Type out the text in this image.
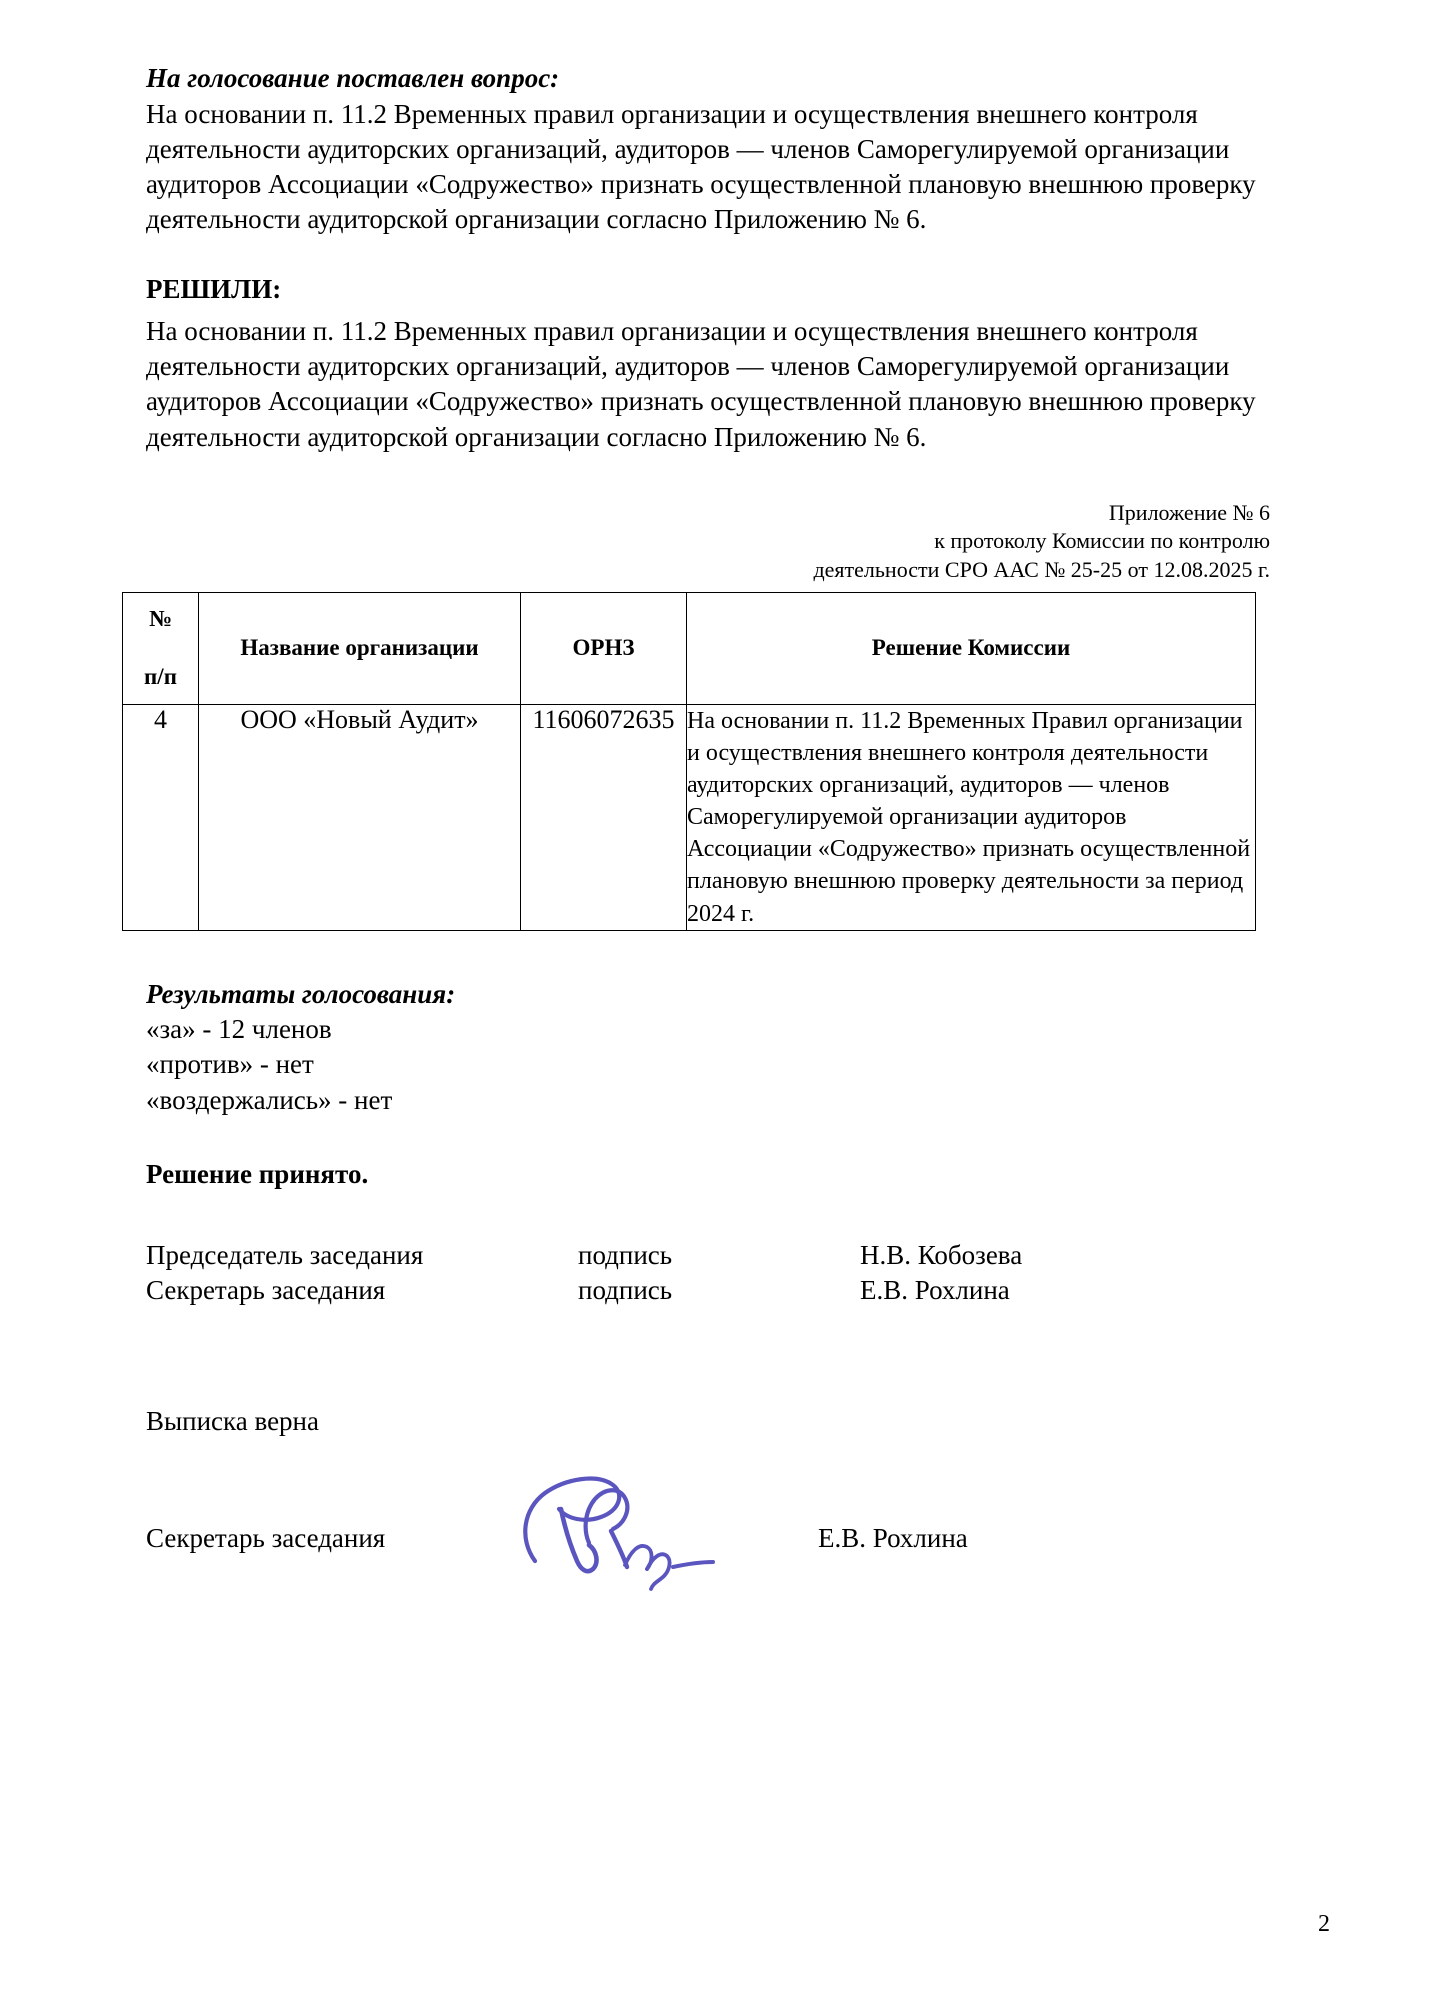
На голосование поставлен вопрос:

На основании п. 11.2 Временных правил организации и осуществления внешнего контроля деятельности аудиторских организаций, аудиторов — членов Саморегулируемой организации аудиторов Ассоциации «Содружество» признать осуществленной плановую внешнюю проверку деятельности аудиторской организации согласно Приложению № 6.

РЕШИЛИ:

На основании п. 11.2 Временных правил организации и осуществления внешнего контроля деятельности аудиторских организаций, аудиторов — членов Саморегулируемой организации аудиторов Ассоциации «Содружество» признать осуществленной плановую внешнюю проверку деятельности аудиторской организации согласно Приложению № 6.

Приложение № 6
к протоколу Комиссии по контролю
деятельности СРО ААС № 25-25 от 12.08.2025 г.
№
п/п	Название организации	ОРНЗ	Решение Комиссии
4	ООО «Новый Аудит»	11606072635	На основании п. 11.2 Временных Правил организации и осуществления внешнего контроля деятельности аудиторских организаций, аудиторов — членов Саморегулируемой организации аудиторов Ассоциации «Содружество» признать осуществленной плановую внешнюю проверку деятельности за период 2024 г.

Результаты голосования:

«за» - 12 членов

«против» - нет

«воздержались» - нет

Решение принято.

Председатель заседания	подпись	Н.В. Кобозева
Секретарь заседания	подпись	Е.В. Рохлина

Выписка верна

Секретарь заседания	Е.В. Рохлина
2
